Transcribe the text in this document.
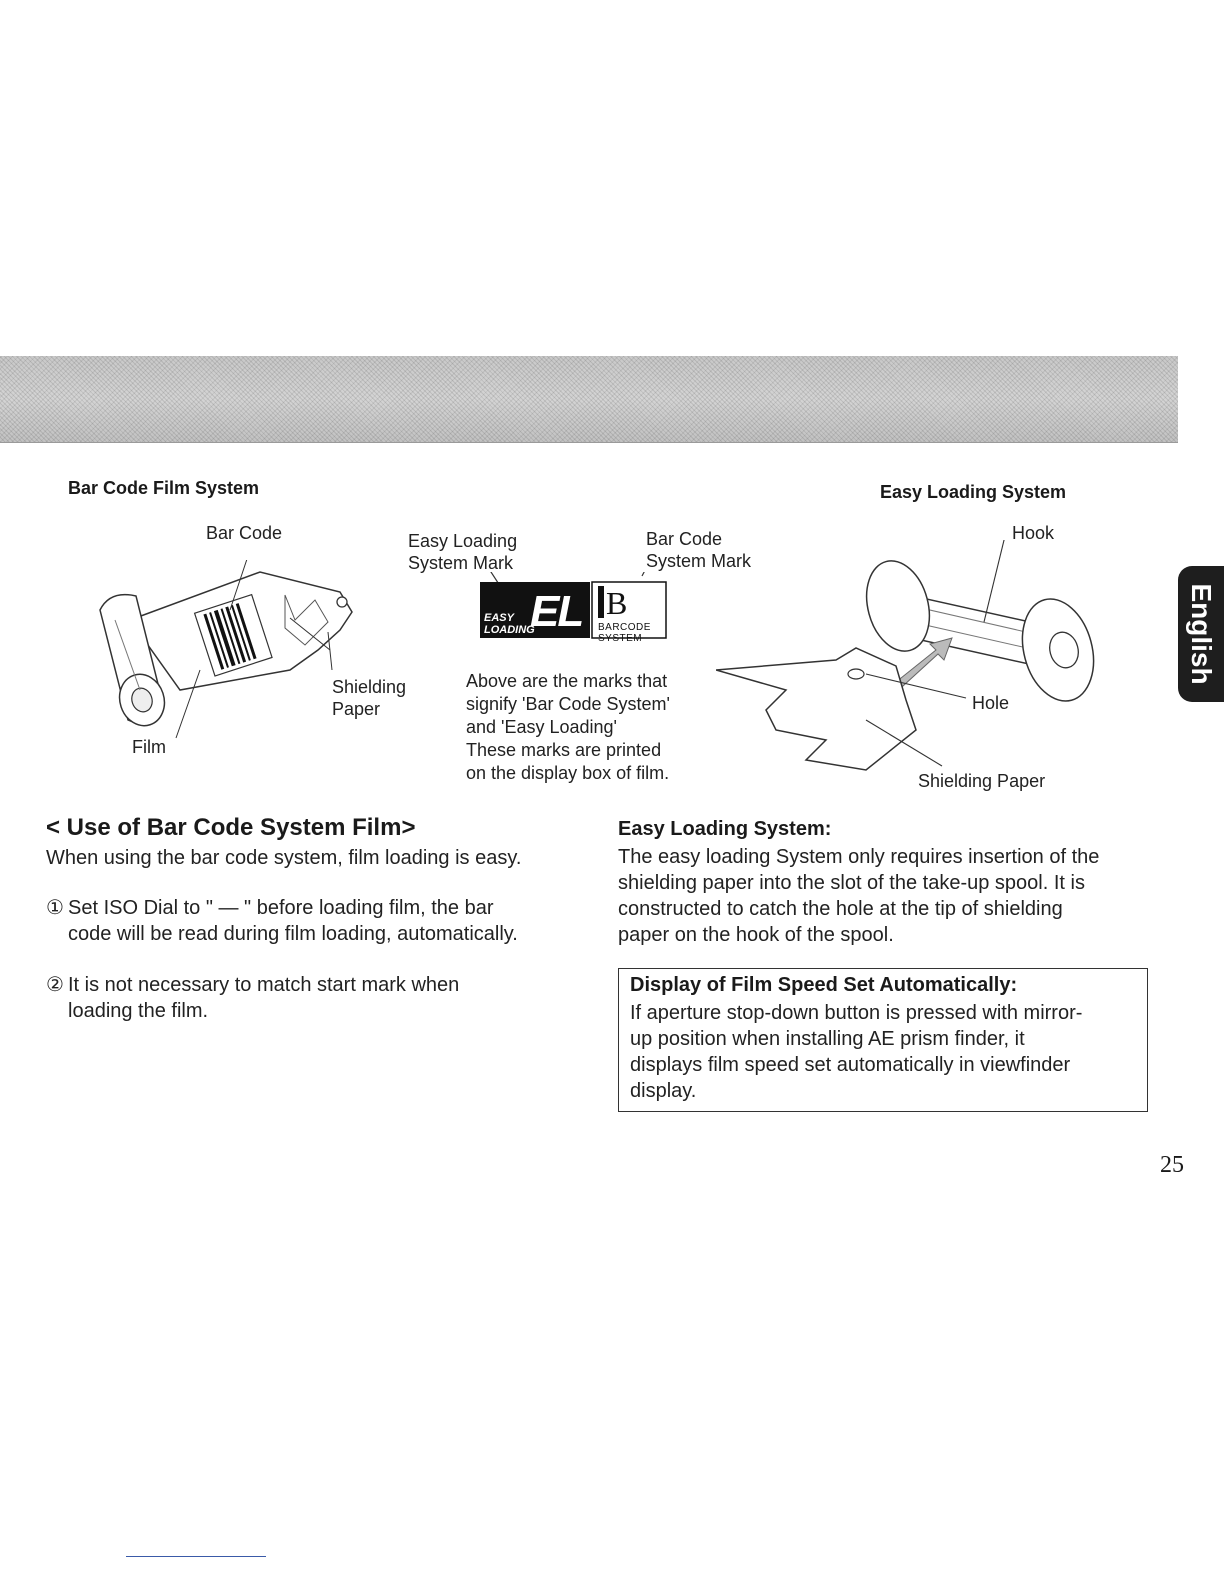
Bar Code Film System
Bar Code
Shielding
Paper
Film
Easy Loading
System Mark
Bar Code
System Mark
EASY
LOADING
EL B
BARCODE
SYSTEM
Above are the marks that
signify 'Bar Code System'
and 'Easy Loading'
These marks are printed
on the display box of film.
Easy Loading System
Hook
Hole
Shielding Paper
English
< Use of Bar Code System Film>
When using the bar code system, film loading is easy.
① Set ISO Dial to " — " before loading film, the bar
code will be read during film loading, automatically.
② It is not necessary to match start mark when
loading the film.
Easy Loading System:
The easy loading System only requires insertion of the
shielding paper into the slot of the take-up spool. It is
constructed to catch the hole at the tip of shielding
paper on the hook of the spool.
Display of Film Speed Set Automatically:
If aperture stop-down button is pressed with mirror-
up position when installing AE prism finder, it
displays film speed set automatically in viewfinder
display.
25
